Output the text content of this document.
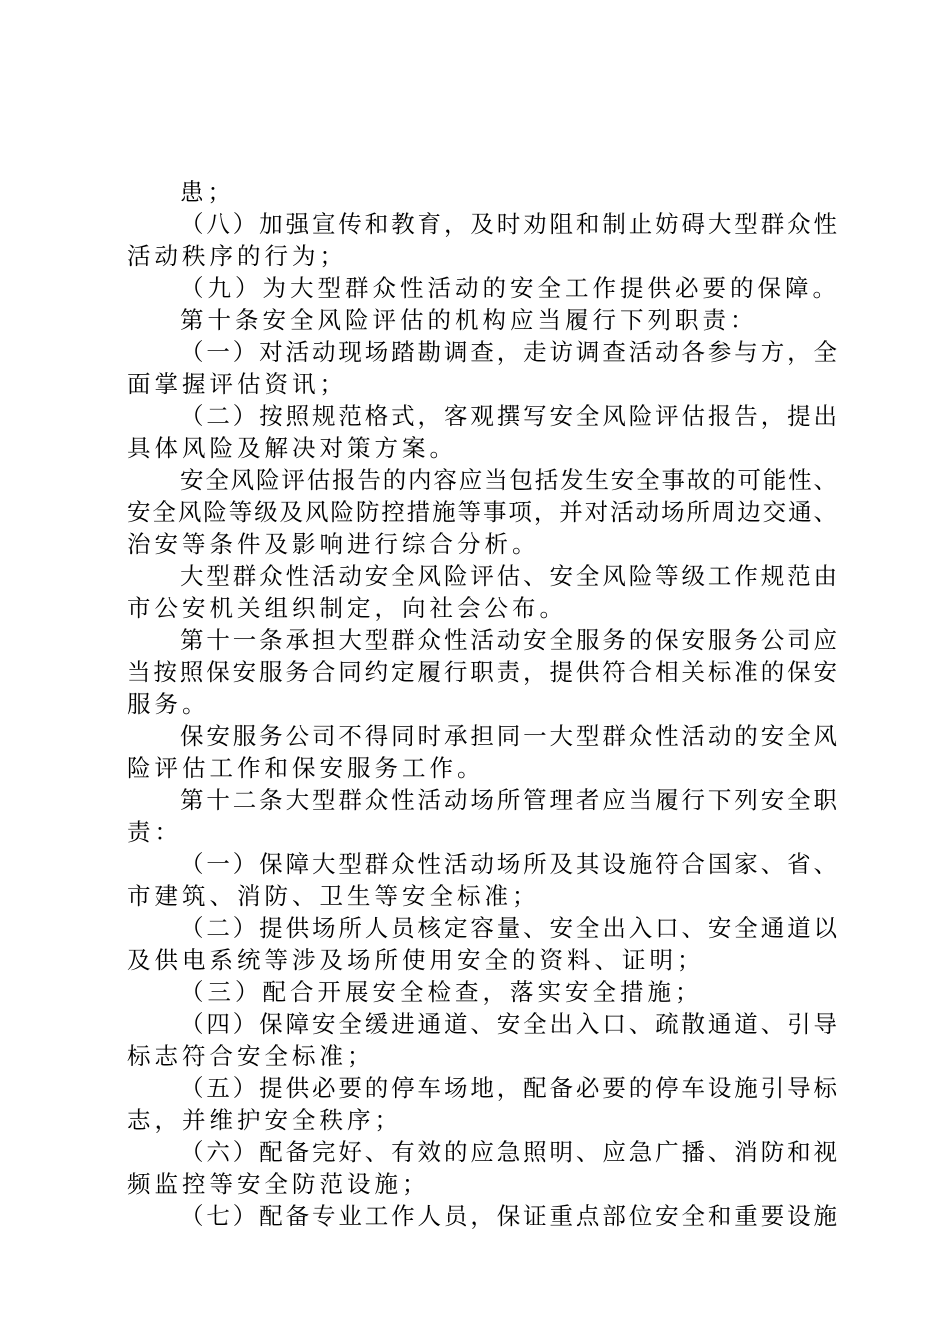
患；
（八）加强宣传和教育，及时劝阻和制止妨碍大型群众性
活动秩序的行为；
（九）为大型群众性活动的安全工作提供必要的保障。
第十条安全风险评估的机构应当履行下列职责：
（一）对活动现场踏勘调查，走访调查活动各参与方，全
面掌握评估资讯；
（二）按照规范格式，客观撰写安全风险评估报告，提出
具体风险及解决对策方案。
安全风险评估报告的内容应当包括发生安全事故的可能性、
安全风险等级及风险防控措施等事项，并对活动场所周边交通、
治安等条件及影响进行综合分析。
大型群众性活动安全风险评估、安全风险等级工作规范由
市公安机关组织制定，向社会公布。
第十一条承担大型群众性活动安全服务的保安服务公司应
当按照保安服务合同约定履行职责，提供符合相关标准的保安
服务。
保安服务公司不得同时承担同一大型群众性活动的安全风
险评估工作和保安服务工作。
第十二条大型群众性活动场所管理者应当履行下列安全职
责：
（一）保障大型群众性活动场所及其设施符合国家、省、
市建筑、消防、卫生等安全标准；
（二）提供场所人员核定容量、安全出入口、安全通道以
及供电系统等涉及场所使用安全的资料、证明；
（三）配合开展安全检查，落实安全措施；
（四）保障安全缓进通道、安全出入口、疏散通道、引导
标志符合安全标准；
（五）提供必要的停车场地，配备必要的停车设施引导标
志，并维护安全秩序；
（六）配备完好、有效的应急照明、应急广播、消防和视
频监控等安全防范设施；
（七）配备专业工作人员，保证重点部位安全和重要设施
